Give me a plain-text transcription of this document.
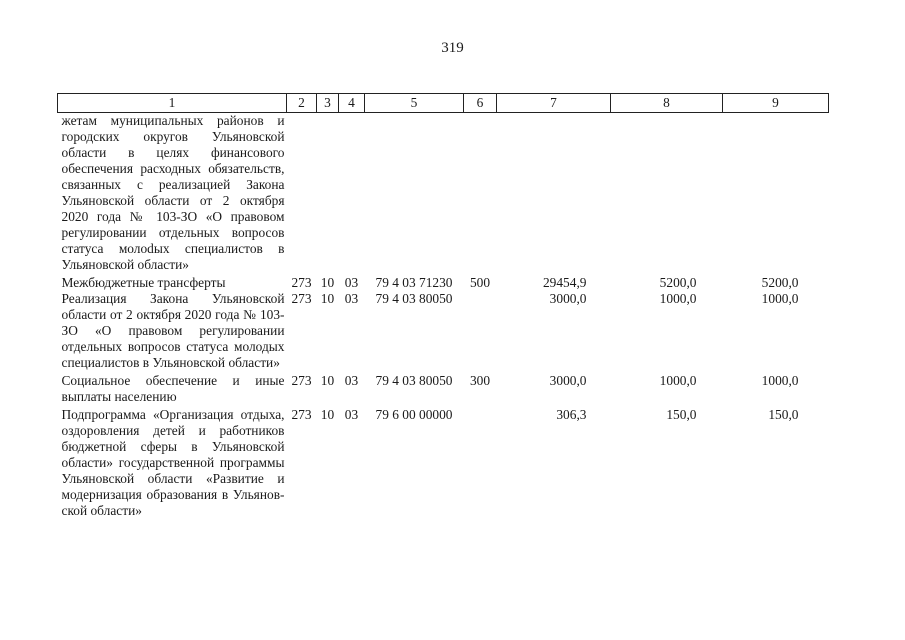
319
1	2	3	4	5	6	7	8	9
жетам муниципальных районов и городских округов Ульяновской области в целях финансового обеспечения расходных обязательств, связанных с реализацией Закона Ульяновской области от 2 октября 2020 года № 103-ЗО «О правовом регулировании отдельных вопросов статуса молоdых специалистов в Ульяновской области»								

Межбюджетные трансферты	273	10	03	79 4 03 71230	500	29454,9	5200,0	5200,0
Реализация Закона Ульяновской области от 2 октября 2020 года № 103-ЗО «О правовом регулировании отдельных вопросов статуса молодых специалистов в Ульяновской области»	273	10	03	79 4 03 80050		3000,0	1000,0	1000,0

Социальное обеспечение и иные выплаты населению	273	10	03	79 4 03 80050	300	3000,0	1000,0	1000,0

Подпрограмма «Организация отдыха, оздоровления детей и работников бюджетной сферы в Ульяновской области» государственной программы Ульяновской области «Развитие и модернизация образования в Ульяновской области»	273	10	03	79 6 00 00000		306,3	150,0	150,0
